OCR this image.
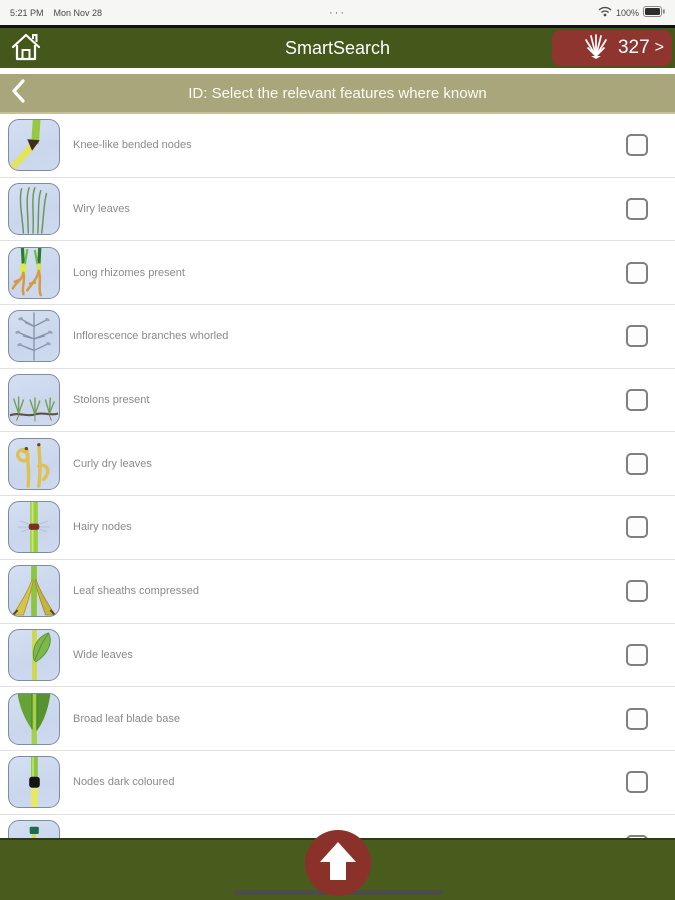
5:21 PM Mon Nov 28	···	100%
SmartSearch	327 >
ID: Select the relevant features where known
Knee-like bended nodes
Wiry leaves
Long rhizomes present
Inflorescence branches whorled
Stolons present
Curly dry leaves
Hairy nodes
Leaf sheaths compressed
Wide leaves
Broad leaf blade base
Nodes dark coloured
